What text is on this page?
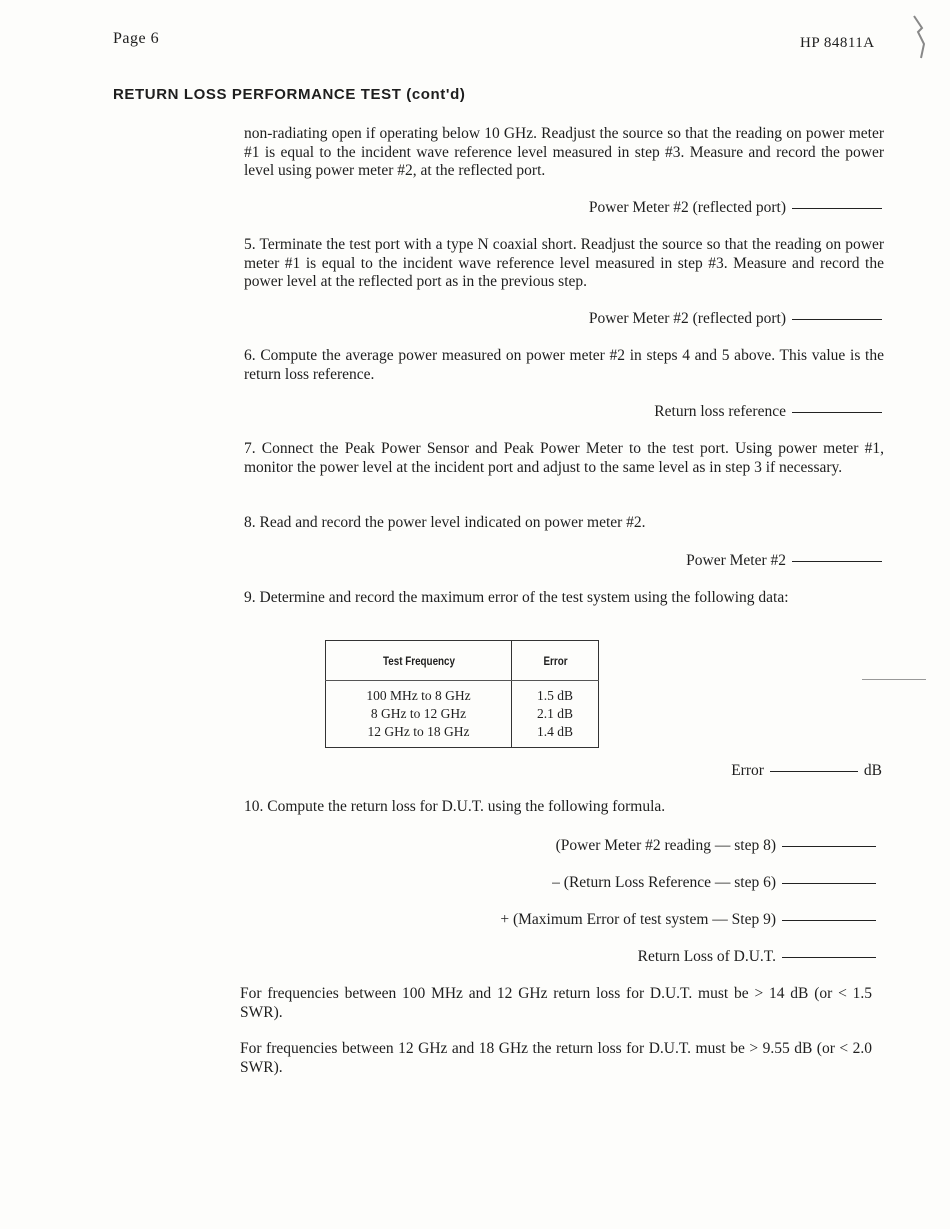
Page 6	HP 84811A
RETURN LOSS PERFORMANCE TEST (cont'd)
non-radiating open if operating below 10 GHz. Readjust the source so that the reading on power meter #1 is equal to the incident wave reference level measured in step #3. Measure and record the power level using power meter #2, at the reflected port.
Power Meter #2 (reflected port)
5. Terminate the test port with a type N coaxial short. Readjust the source so that the reading on power meter #1 is equal to the incident wave reference level measured in step #3. Measure and record the power level at the reflected port as in the previous step.
Power Meter #2 (reflected port)
6. Compute the average power measured on power meter #2 in steps 4 and 5 above. This value is the return loss reference.
Return loss reference
7. Connect the Peak Power Sensor and Peak Power Meter to the test port. Using power meter #1, monitor the power level at the incident port and adjust to the same level as in step 3 if necessary.
8. Read and record the power level indicated on power meter #2.
Power Meter #2
9. Determine and record the maximum error of the test system using the following data:
Test Frequency	Error
100 MHz to 8 GHz	1.5 dB
8 GHz to 12 GHz	2.1 dB
12 GHz to 18 GHz	1.4 dB
Error	dB
10. Compute the return loss for D.U.T. using the following formula.
(Power Meter #2 reading — step 8)
– (Return Loss Reference — step 6)
+ (Maximum Error of test system — Step 9)
Return Loss of D.U.T.
For frequencies between 100 MHz and 12 GHz return loss for D.U.T. must be > 14 dB (or < 1.5 SWR).
For frequencies between 12 GHz and 18 GHz the return loss for D.U.T. must be > 9.55 dB (or < 2.0 SWR).
